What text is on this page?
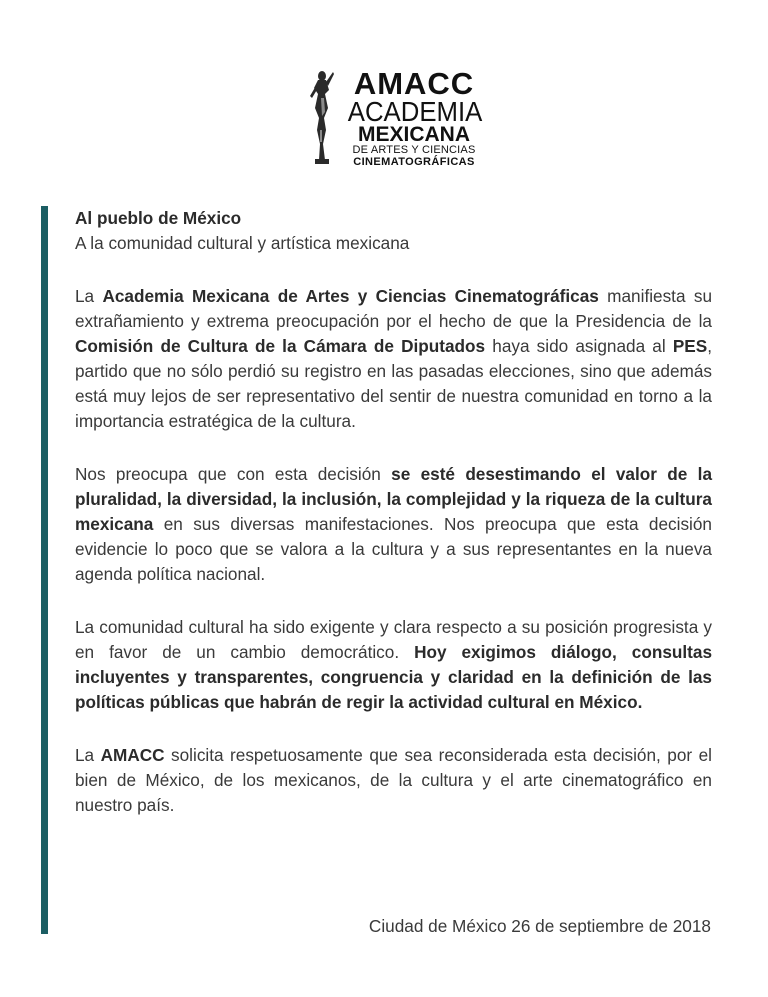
AMACC
ACADEMIA
MEXICANA
DE ARTES Y CIENCIAS
CINEMATOGRÁFICAS

Al pueblo de México

A la comunidad cultural y artística mexicana

La Academia Mexicana de Artes y Ciencias Cinematográficas manifiesta su extrañamiento y extrema preocupación por el hecho de que la Presidencia de la Comisión de Cultura de la Cámara de Diputados haya sido asignada al PES, partido que no sólo perdió su registro en las pasadas elecciones, sino que además está muy lejos de ser representativo del sentir de nuestra comunidad en torno a la importancia estratégica de la cultura.

Nos preocupa que con esta decisión se esté desestimando el valor de la pluralidad, la diversidad, la inclusión, la complejidad y la riqueza de la cultura mexicana en sus diversas manifestaciones. Nos preocupa que esta decisión evidencie lo poco que se valora a la cultura y a sus representantes en la nueva agenda política nacional.

La comunidad cultural ha sido exigente y clara respecto a su posición progresista y en favor de un cambio democrático. Hoy exigimos diálogo, consultas incluyentes y transparentes, congruencia y claridad en la definición de las políticas públicas que habrán de regir la actividad cultural en México.

La AMACC solicita respetuosamente que sea reconsiderada esta decisión, por el bien de México, de los mexicanos, de la cultura y el arte cinematográfico en nuestro país.

Ciudad de México 26 de septiembre de 2018
